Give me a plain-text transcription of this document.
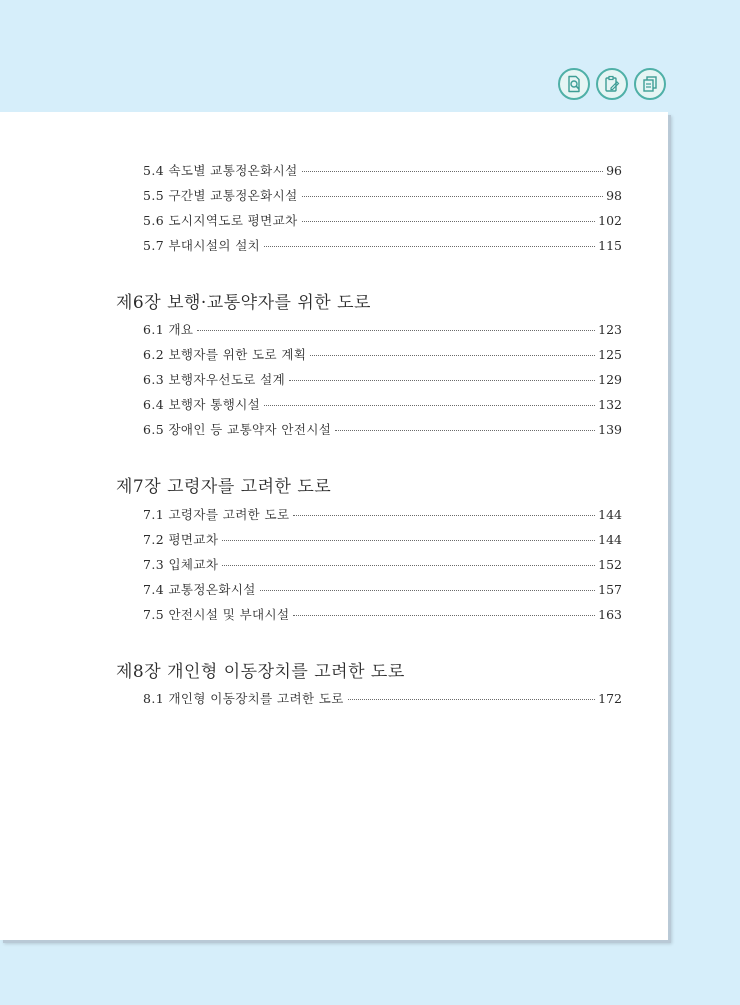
5.4 속도별 교통정온화시설	96
5.5 구간별 교통정온화시설	98
5.6 도시지역도로 평면교차	102
5.7 부대시설의 설치	115
제6장 보행·교통약자를 위한 도로
6.1 개요	123
6.2 보행자를 위한 도로 계획	125
6.3 보행자우선도로 설계	129
6.4 보행자 통행시설	132
6.5 장애인 등 교통약자 안전시설	139
제7장 고령자를 고려한 도로
7.1 고령자를 고려한 도로	144
7.2 평면교차	144
7.3 입체교차	152
7.4 교통정온화시설	157
7.5 안전시설 및 부대시설	163
제8장 개인형 이동장치를 고려한 도로
8.1 개인형 이동장치를 고려한 도로	172
